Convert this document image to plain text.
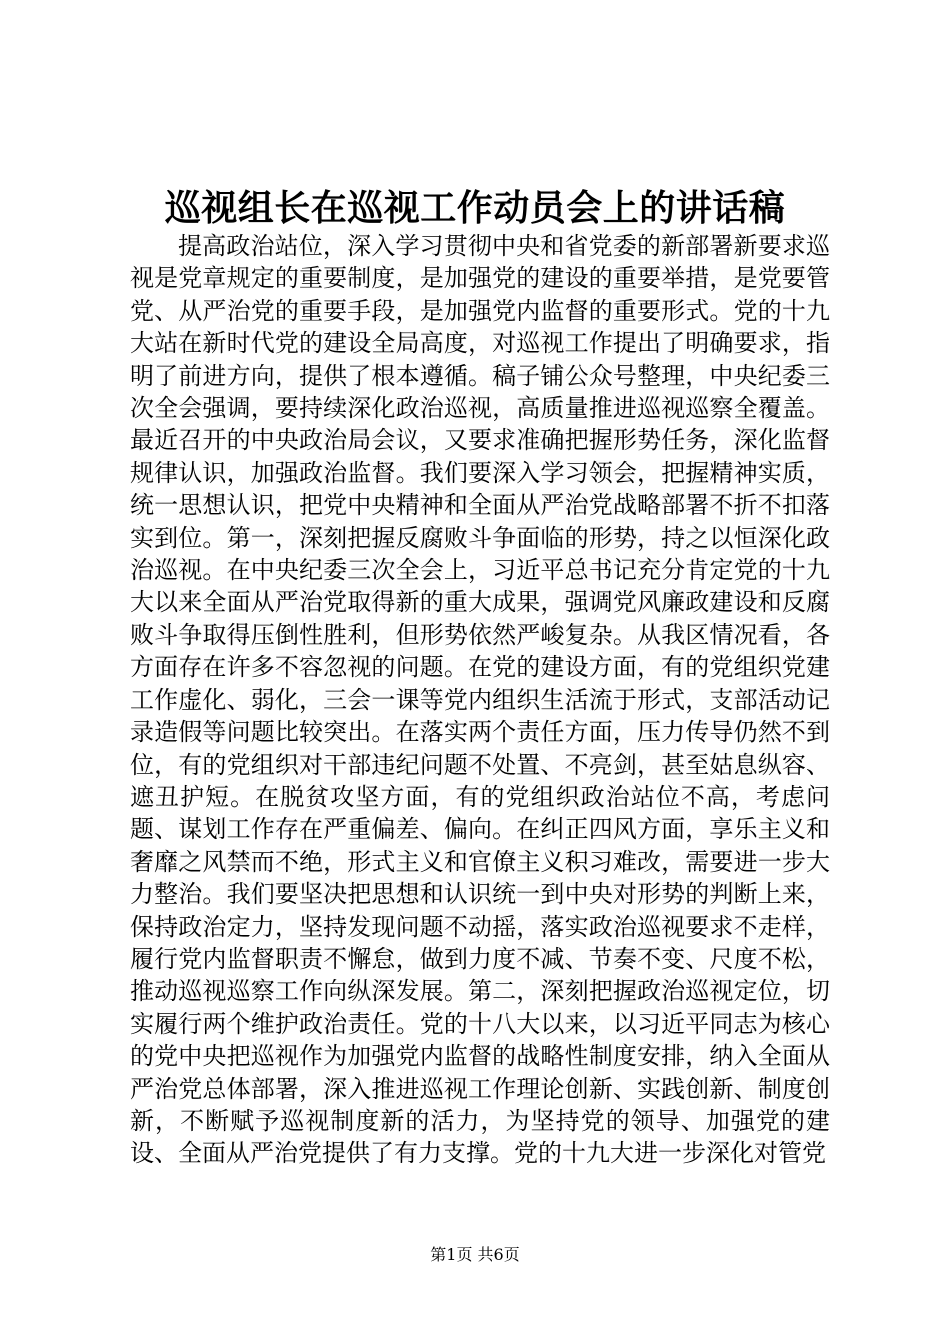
巡视组长在巡视工作动员会上的讲话稿

提高政治站位，深入学习贯彻中央和省党委的新部署新要求巡视是党章规定的重要制度，是加强党的建设的重要举措，是党要管党、从严治党的重要手段，是加强党内监督的重要形式。党的十九大站在新时代党的建设全局高度，对巡视工作提出了明确要求，指明了前进方向，提供了根本遵循。稿子铺公众号整理，中央纪委三次全会强调，要持续深化政治巡视，高质量推进巡视巡察全覆盖。最近召开的中央政治局会议，又要求准确把握形势任务，深化监督规律认识，加强政治监督。我们要深入学习领会，把握精神实质，统一思想认识，把党中央精神和全面从严治党战略部署不折不扣落实到位。第一，深刻把握反腐败斗争面临的形势，持之以恒深化政治巡视。在中央纪委三次全会上，习近平总书记充分肯定党的十九大以来全面从严治党取得新的重大成果，强调党风廉政建设和反腐败斗争取得压倒性胜利，但形势依然严峻复杂。从我区情况看，各方面存在许多不容忽视的问题。在党的建设方面，有的党组织党建工作虚化、弱化，三会一课等党内组织生活流于形式，支部活动记录造假等问题比较突出。在落实两个责任方面，压力传导仍然不到位，有的党组织对干部违纪问题不处置、不亮剑，甚至姑息纵容、遮丑护短。在脱贫攻坚方面，有的党组织政治站位不高，考虑问题、谋划工作存在严重偏差、偏向。在纠正四风方面，享乐主义和奢靡之风禁而不绝，形式主义和官僚主义积习难改，需要进一步大力整治。我们要坚决把思想和认识统一到中央对形势的判断上来，保持政治定力，坚持发现问题不动摇，落实政治巡视要求不走样，履行党内监督职责不懈怠，做到力度不减、节奏不变、尺度不松，推动巡视巡察工作向纵深发展。第二，深刻把握政治巡视定位，切实履行两个维护政治责任。党的十八大以来，以习近平同志为核心的党中央把巡视作为加强党内监督的战略性制度安排，纳入全面从严治党总体部署，深入推进巡视工作理论创新、实践创新、制度创新，不断赋予巡视制度新的活力，为坚持党的领导、加强党的建设、全面从严治党提供了有力支撑。党的十九大进一步深化对管党

第1页 共6页
